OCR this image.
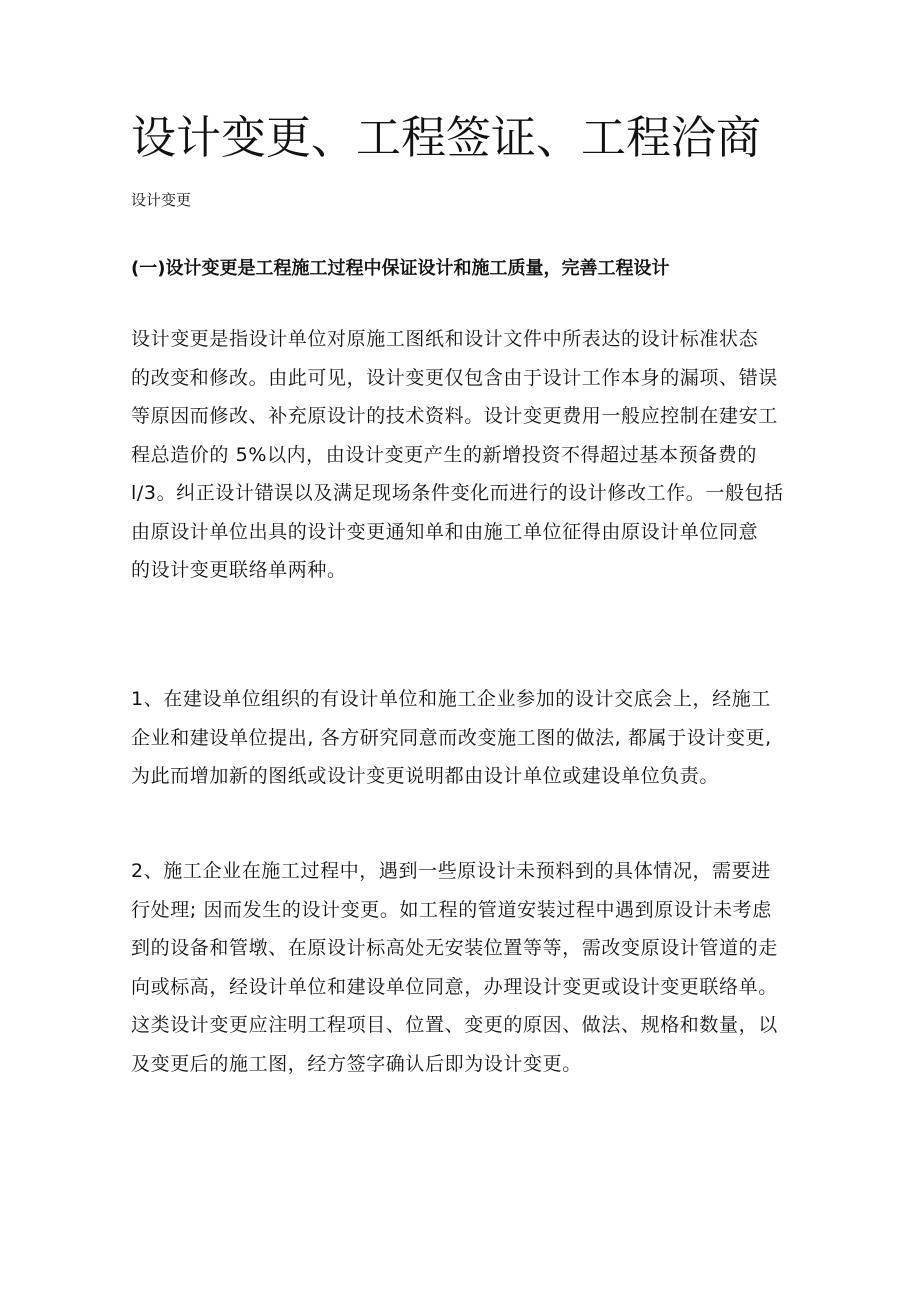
设计变更、工程签证、工程洽商
设计变更
(一)设计变更是工程施工过程中保证设计和施工质量，完善工程设计
设计变更是指设计单位对原施工图纸和设计文件中所表达的设计标准状态
的改变和修改。由此可见，设计变更仅包含由于设计工作本身的漏项、错误
等原因而修改、补充原设计的技术资料。设计变更费用一般应控制在建安工
程总造价的 5%以内，由设计变更产生的新增投资不得超过基本预备费的
l/3。纠正设计错误以及满足现场条件变化而进行的设计修改工作。一般包括
由原设计单位出具的设计变更通知单和由施工单位征得由原设计单位同意
的设计变更联络单两种。
1、在建设单位组织的有设计单位和施工企业参加的设计交底会上，经施工
企业和建设单位提出, 各方研究同意而改变施工图的做法, 都属于设计变更,
为此而增加新的图纸或设计变更说明都由设计单位或建设单位负责。
2、施工企业在施工过程中，遇到一些原设计未预料到的具体情况，需要进
行处理; 因而发生的设计变更。如工程的管道安装过程中遇到原设计未考虑
到的设备和管墩、在原设计标高处无安装位置等等，需改变原设计管道的走
向或标高，经设计单位和建设单位同意，办理设计变更或设计变更联络单。
这类设计变更应注明工程项目、位置、变更的原因、做法、规格和数量，以
及变更后的施工图，经方签字确认后即为设计变更。
